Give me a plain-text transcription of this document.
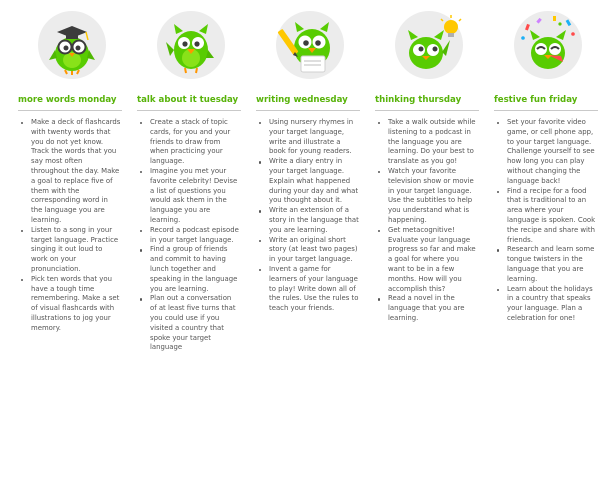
more words monday
Make a deck of flashcards with twenty words that you do not yet know. Track the words that you say most often throughout the day. Make a goal to replace five of them with the corresponding word in the language you are learning.
Listen to a song in your target language. Practice singing it out loud to work on your pronunciation.
Pick ten words that you have a tough time remembering. Make a set of visual flashcards with illustrations to jog your memory.
talk about it tuesday
Create a stack of topic cards, for you and your friends to draw from when practicing your language.
Imagine you met your favorite celebrity! Devise a list of questions you would ask them in the language you are learning.
Record a podcast episode in your target language.
Find a group of friends and commit to having lunch together and speaking in the language you are learning.
Plan out a conversation of at least five turns that you could use if you visited a country that spoke your target language
writing wednesday
Using nursery rhymes in your target language, write and illustrate a book for young readers.
Write a diary entry in your target language. Explain what happened during your day and what you thought about it.
Write an extension of a story in the language that you are learning.
Write an original short story (at least two pages) in your target language.
Invent a game for learners of your language to play! Write down all of the rules. Use the rules to teach your friends.
thinking thursday
Take a walk outside while listening to a podcast in the language you are learning. Do your best to translate as you go!
Watch your favorite television show or movie in your target language. Use the subtitles to help you understand what is happening.
Get metacognitive! Evaluate your language progress so far and make a goal for where you want to be in a few months. How will you accomplish this?
Read a novel in the language that you are learning.
festive fun friday
Set your favorite video game, or cell phone app, to your target language. Challenge yourself to see how long you can play without changing the language back!
Find a recipe for a food that is traditional to an area where your language is spoken. Cook the recipe and share with friends.
Research and learn some tongue twisters in the language that you are learning.
Learn about the holidays in a country that speaks your language. Plan a celebration for one!
